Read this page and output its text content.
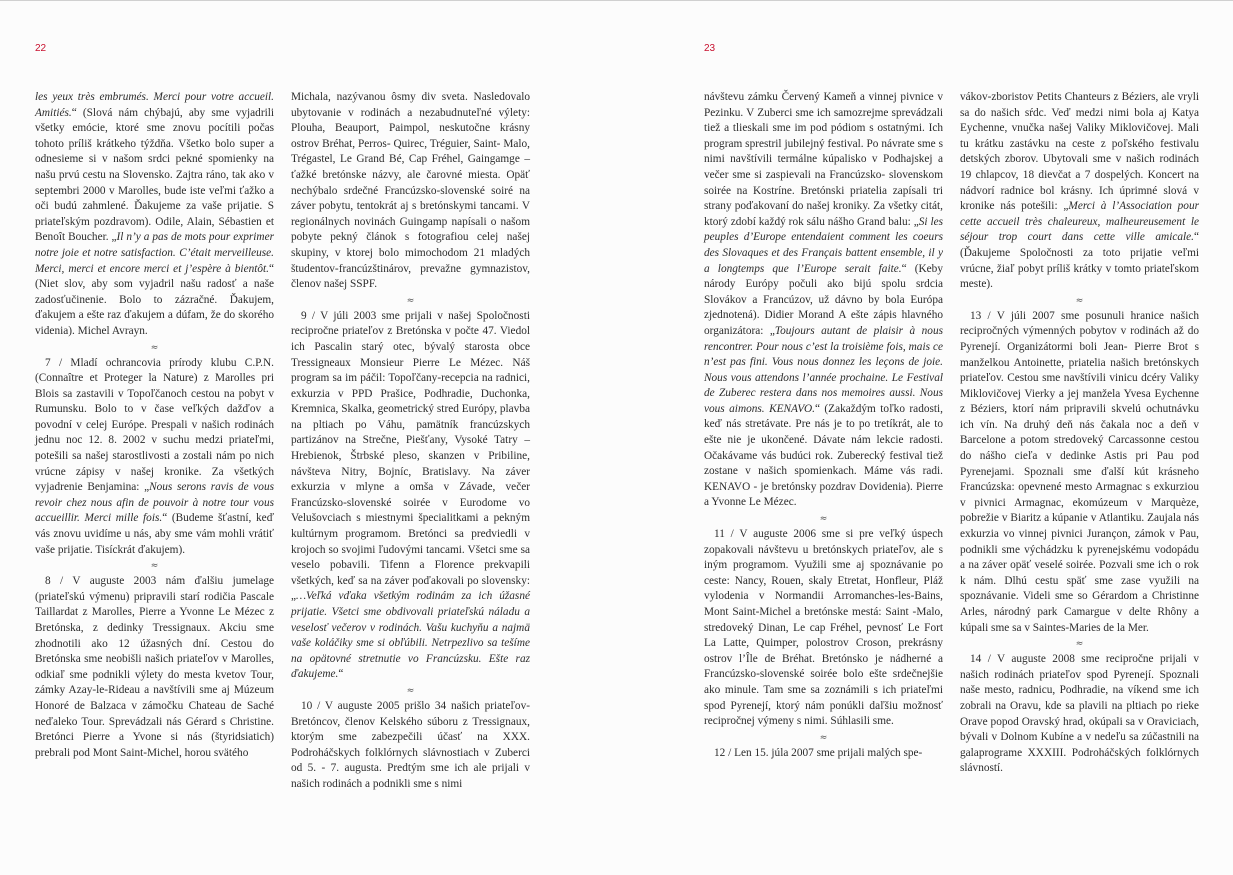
22	23

les yeux très embrumés. Merci pour votre accueil. Amitiés.“ (Slová nám chýbajú, aby sme vyjadrili všetky emócie, ktoré sme znovu pocítili počas tohoto príliš krátkeho týždňa. Všetko bolo super a odnesieme si v našom srdci pekné spomienky na našu prvú cestu na Slovensko. Zajtra ráno, tak ako v septembri 2000 v Marolles, bude iste veľmi ťažko a oči budú zahmlené. Ďakujeme za vaše prijatie. S priateľským pozdravom). Odile, Alain, Sébastien et Benoît Boucher. „Il n’y a pas de mots pour exprimer notre joie et notre satisfaction. C’était merveilleuse. Merci, merci et encore merci et j’espère à bientôt.“ (Niet slov, aby som vyjadril našu radosť a naše zadosťučinenie. Bolo to zázračné. Ďakujem, ďakujem a ešte raz ďakujem a dúfam, že do skorého videnia). Michel Avrayn.

≈

7 / Mladí ochrancovia prírody klubu C.P.N. (Connaître et Proteger la Nature) z Marolles pri Blois sa zastavili v Topoľčanoch cestou na pobyt v Rumunsku. Bolo to v čase veľkých dažďov a povodní v celej Európe. Prespali v našich rodinách jednu noc 12. 8. 2002 v suchu medzi priateľmi, potešili sa našej starostlivosti a zostali nám po nich vrúcne zápisy v našej kronike. Za všetkých vyjadrenie Benjamina: „Nous serons ravis de vous revoir chez nous afin de pouvoir à notre tour vous accueillir. Merci mille fois.“ (Budeme šťastní, keď vás znovu uvidíme u nás, aby sme vám mohli vrátiť vaše prijatie. Tisíckrát ďakujem).

≈

8 / V auguste 2003 nám ďalšiu jumelage (priateľskú výmenu) pripravili starí rodičia Pascale Taillardat z Marolles, Pierre a Yvonne Le Mézec z Bretónska, z dedinky Tressignaux. Akciu sme zhodnotili ako 12 úžasných dní. Cestou do Bretónska sme neobišli našich priateľov v Marolles, odkiaľ sme podnikli výlety do mesta kvetov Tour, zámky Azay-le-Rideau a navštívili sme aj Múzeum Honoré de Balzaca v zámočku Chateau de Saché neďaleko Tour. Sprevádzali nás Gérard s Christine. Bretónci Pierre a Yvone si nás (štyridsiatich) prebrali pod Mont Saint-Michel, horou svätého

Michala, nazývanou ôsmy div sveta. Nasledovalo ubytovanie v rodinách a nezabudnuteľné výlety: Plouha, Beauport, Paimpol, neskutočne krásny ostrov Bréhat, Perros- Quirec, Tréguier, Saint- Malo, Trégastel, Le Grand Bé, Cap Fréhel, Gaingamge – ťažké bretónske názvy, ale čarovné miesta. Opäť nechýbalo srdečné Francúzsko-slovenské soiré na záver pobytu, tentokrát aj s bretónskymi tancami. V regionálnych novinách Guingamp napísali o našom pobyte pekný článok s fotografiou celej našej skupiny, v ktorej bolo mimochodom 21 mladých študentov-francúzštinárov, prevažne gymnazistov, členov našej SSPF.

≈

9 / V júli 2003 sme prijali v našej Spoločnosti recipročne priateľov z Bretónska v počte 47. Viedol ich Pascalin starý otec, bývalý starosta obce Tressigneaux Monsieur Pierre Le Mézec. Náš program sa im páčil: Topoľčany-recepcia na radnici, exkurzia v PPD Prašice, Podhradie, Duchonka, Kremnica, Skalka, geometrický stred Európy, plavba na pltiach po Váhu, pamätník francúzskych partizánov na Strečne, Piešťany, Vysoké Tatry – Hrebienok, Štrbské pleso, skanzen v Pribiline, návšteva Nitry, Bojníc, Bratislavy. Na záver exkurzia v mlyne a omša v Závade, večer Francúzsko-slovenské soirée v Eurodome vo Velušovciach s miestnymi špecialitkami a pekným kultúrnym programom. Bretónci sa predviedli v krojoch so svojimi ľudovými tancami. Všetci sme sa veselo pobavili. Tifenn a Florence prekvapili všetkých, keď sa na záver poďakovali po slovensky: „…Veľká vďaka všetkým rodinám za ich úžasné prijatie. Všetci sme obdivovali priateľskú náladu a veselosť večerov v rodinách. Vašu kuchyňu a najmä vaše koláčiky sme si obľúbili. Netrpezlivo sa tešíme na opätovné stretnutie vo Francúzsku. Ešte raz ďakujeme.“

≈

10 / V auguste 2005 prišlo 34 našich priateľov-Bretóncov, členov Kelského súboru z Tressignaux, ktorým sme zabezpečili účasť na XXX. Podroháčskych folklórnych slávnostiach v Zuberci od 5. - 7. augusta. Predtým sme ich ale prijali v našich rodinách a podnikli sme s nimi

návštevu zámku Červený Kameň a vinnej pivnice v Pezinku. V Zuberci sme ich samozrejme sprevádzali tiež a tlieskali sme im pod pódiom s ostatnými. Ich program sprestril jubilejný festival. Po návrate sme s nimi navštívili termálne kúpalisko v Podhajskej a večer sme si zaspievali na Francúzsko- slovenskom soirée na Kostríne. Bretónski priatelia zapísali tri strany poďakovaní do našej kroniky. Za všetky citát, ktorý zdobí každý rok sálu nášho Grand balu: „Si les peuples d’Europe entendaient comment les coeurs des Slovaques et des Français battent ensemble, il y a longtemps que l’Europe serait faite.“ (Keby národy Európy počuli ako bijú spolu srdcia Slovákov a Francúzov, už dávno by bola Európa zjednotená). Didier Morand A ešte zápis hlavného organizátora: „Toujours autant de plaisir à nous rencontrer. Pour nous c’est la troisième fois, mais ce n’est pas fini. Vous nous donnez les leçons de joie. Nous vous attendons l’année prochaine. Le Festival de Zuberec restera dans nos memoires aussi. Nous vous aimons. KENAVO.“ (Zakaždým toľko radosti, keď nás stretávate. Pre nás je to po tretíkrát, ale to ešte nie je ukončené. Dávate nám lekcie radosti. Očakávame vás budúci rok. Zuberecký festival tiež zostane v našich spomienkach. Máme vás radi. KENAVO - je bretónsky pozdrav Dovidenia). Pierre a Yvonne Le Mézec.

≈

11 / V auguste 2006 sme si pre veľký úspech zopakovali návštevu u bretónskych priateľov, ale s iným programom. Využili sme aj spoznávanie po ceste: Nancy, Rouen, skaly Etretat, Honfleur, Pláž vylodenia v Normandii Arromanches-les-Bains, Mont Saint-Michel a bretónske mestá: Saint -Malo, stredoveký Dinan, Le cap Fréhel, pevnosť Le Fort La Latte, Quimper, polostrov Croson, prekrásny ostrov l’Île de Bréhat. Bretónsko je nádherné a Francúzsko-slovenské soirée bolo ešte srdečnejšie ako minule. Tam sme sa zoznámili s ich priateľmi spod Pyrenejí, ktorý nám ponúkli daľšiu možnosť recipročnej výmeny s nimi. Súhlasili sme.

≈

12 / Len 15. júla 2007 sme prijali malých spe-

vákov-zboristov Petits Chanteurs z Béziers, ale vryli sa do našich sŕdc. Veď medzi nimi bola aj Katya Eychenne, vnučka našej Valiky Miklovičovej. Mali tu krátku zastávku na ceste z poľského festivalu detských zborov. Ubytovali sme v našich rodinách 19 chlapcov, 18 dievčat a 7 dospelých. Koncert na nádvorí radnice bol krásny. Ich úprimné slová v kronike nás potešili: „Merci à l’Association pour cette accueil très chaleureux, malheureusement le séjour trop court dans cette ville amicale.“ (Ďakujeme Spoločnosti za toto prijatie veľmi vrúcne, žiaľ pobyt príliš krátky v tomto priateľskom meste).

≈

13 / V júli 2007 sme posunuli hranice našich recipročných výmenných pobytov v rodinách až do Pyrenejí. Organizátormi boli Jean- Pierre Brot s manželkou Antoinette, priatelia našich bretónskych priateľov. Cestou sme navštívili vinicu dcéry Valiky Miklovičovej Vierky a jej manžela Yvesa Eychenne z Béziers, ktorí nám pripravili skvelú ochutnávku ich vín. Na druhý deň nás čakala noc a deň v Barcelone a potom stredoveký Carcassonne cestou do nášho cieľa v dedinke Astis pri Pau pod Pyrenejami. Spoznali sme ďalší kút krásneho Francúzska: opevnené mesto Armagnac s exkurziou v pivnici Armagnac, ekomúzeum v Marquèze, pobrežie v Biaritz a kúpanie v Atlantiku. Zaujala nás exkurzia vo vinnej pivnici Jurançon, zámok v Pau, podnikli sme výchádzku k pyrenejskému vodopádu a na záver opäť veselé soirée. Pozvali sme ich o rok k nám. Dlhú cestu späť sme zase využili na spoznávanie. Videli sme so Gérardom a Christinne Arles, národný park Camargue v delte Rhôny a kúpali sme sa v Saintes-Maries de la Mer.

≈

14 / V auguste 2008 sme recipročne prijali v našich rodinách priateľov spod Pyrenejí. Spoznali naše mesto, radnicu, Podhradie, na víkend sme ich zobrali na Oravu, kde sa plavili na pltiach po rieke Orave popod Oravský hrad, okúpali sa v Oraviciach, bývali v Dolnom Kubíne a v nedeľu sa zúčastnili na galaprograme XXXIII. Podroháčských folklórnych slávností.
